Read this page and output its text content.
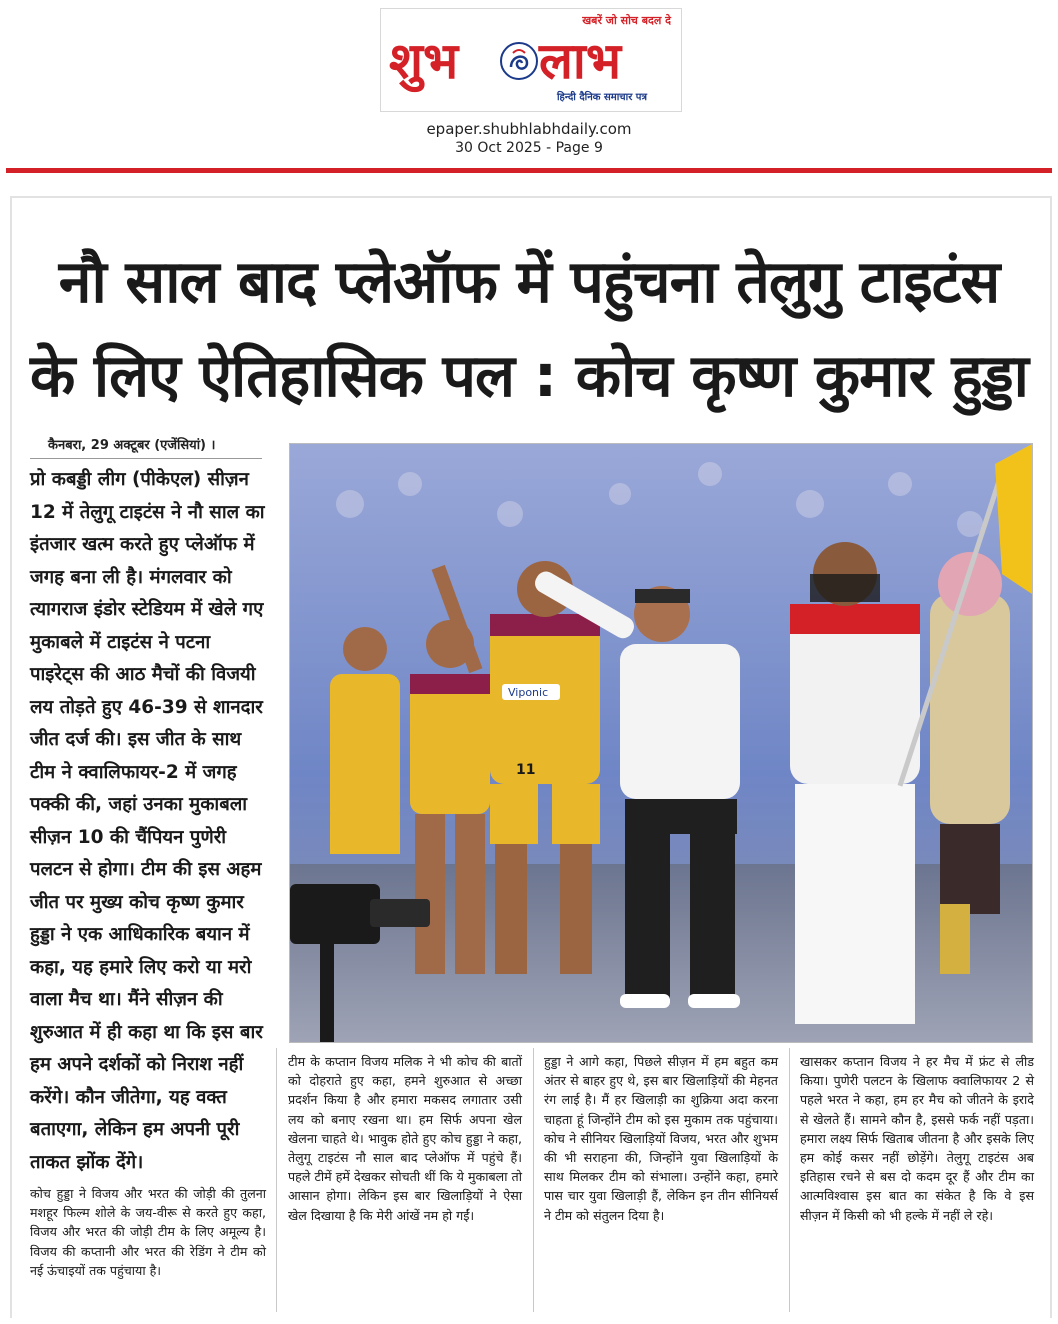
खबरें जो सोच बदल दे
शुभ लाभ
हिन्दी दैनिक समाचार पत्र
epaper.shubhlabhdaily.com
30 Oct 2025 - Page 9
नौ साल बाद प्लेऑफ में पहुंचना तेलुगु टाइटंस
के लिए ऐतिहासिक पल : कोच कृष्ण कुमार हुड्डा
कैनबरा, 29 अक्टूबर (एजेंसियां) ।
प्रो कबड्डी लीग (पीकेएल) सीज़न 12 में तेलुगू टाइटंस ने नौ साल का इंतजार खत्म करते हुए प्लेऑफ में जगह बना ली है। मंगलवार को त्यागराज इंडोर स्टेडियम में खेले गए मुकाबले में टाइटंस ने पटना पाइरेट्स की आठ मैचों की विजयी लय तोड़ते हुए 46-39 से शानदार जीत दर्ज की। इस जीत के साथ टीम ने क्वालिफायर-2 में जगह पक्की की, जहां उनका मुकाबला सीज़न 10 की चैंपियन पुणेरी पलटन से होगा। टीम की इस अहम जीत पर मुख्य कोच कृष्ण कुमार हुड्डा ने एक आधिकारिक बयान में कहा, यह हमारे लिए करो या मरो वाला मैच था। मैंने सीज़न की शुरुआत में ही कहा था कि इस बार हम अपने दर्शकों को निराश नहीं करेंगे। कौन जीतेगा, यह वक्त बताएगा, लेकिन हम अपनी पूरी ताकत झोंक देंगे।
Viponic
11
कोच हुड्डा ने विजय और भरत की जोड़ी की तुलना मशहूर फिल्म शोले के जय-वीरू से करते हुए कहा, विजय और भरत की जोड़ी टीम के लिए अमूल्य है। विजय की कप्तानी और भरत की रेडिंग ने टीम को नई ऊंचाइयों तक पहुंचाया है।
टीम के कप्तान विजय मलिक ने भी कोच की बातों को दोहराते हुए कहा, हमने शुरुआत से अच्छा प्रदर्शन किया है और हमारा मकसद लगातार उसी लय को बनाए रखना था। हम सिर्फ अपना खेल खेलना चाहते थे। भावुक होते हुए कोच हुड्डा ने कहा, तेलुगू टाइटंस नौ साल बाद प्लेऑफ में पहुंचे हैं। पहले टीमें हमें देखकर सोचती थीं कि ये मुकाबला तो आसान होगा। लेकिन इस बार खिलाड़ियों ने ऐसा खेल दिखाया है कि मेरी आंखें नम हो गईं।
हुड्डा ने आगे कहा, पिछले सीज़न में हम बहुत कम अंतर से बाहर हुए थे, इस बार खिलाड़ियों की मेहनत रंग लाई है। मैं हर खिलाड़ी का शुक्रिया अदा करना चाहता हूं जिन्होंने टीम को इस मुकाम तक पहुंचाया। कोच ने सीनियर खिलाड़ियों विजय, भरत और शुभम की भी सराहना की, जिन्होंने युवा खिलाड़ियों के साथ मिलकर टीम को संभाला। उन्होंने कहा, हमारे पास चार युवा खिलाड़ी हैं, लेकिन इन तीन सीनियर्स ने टीम को संतुलन दिया है।
खासकर कप्तान विजय ने हर मैच में फ्रंट से लीड किया। पुणेरी पलटन के खिलाफ क्वालिफायर 2 से पहले भरत ने कहा, हम हर मैच को जीतने के इरादे से खेलते हैं। सामने कौन है, इससे फर्क नहीं पड़ता। हमारा लक्ष्य सिर्फ खिताब जीतना है और इसके लिए हम कोई कसर नहीं छोड़ेंगे। तेलुगू टाइटंस अब इतिहास रचने से बस दो कदम दूर हैं और टीम का आत्मविश्वास इस बात का संकेत है कि वे इस सीज़न में किसी को भी हल्के में नहीं ले रहे।
